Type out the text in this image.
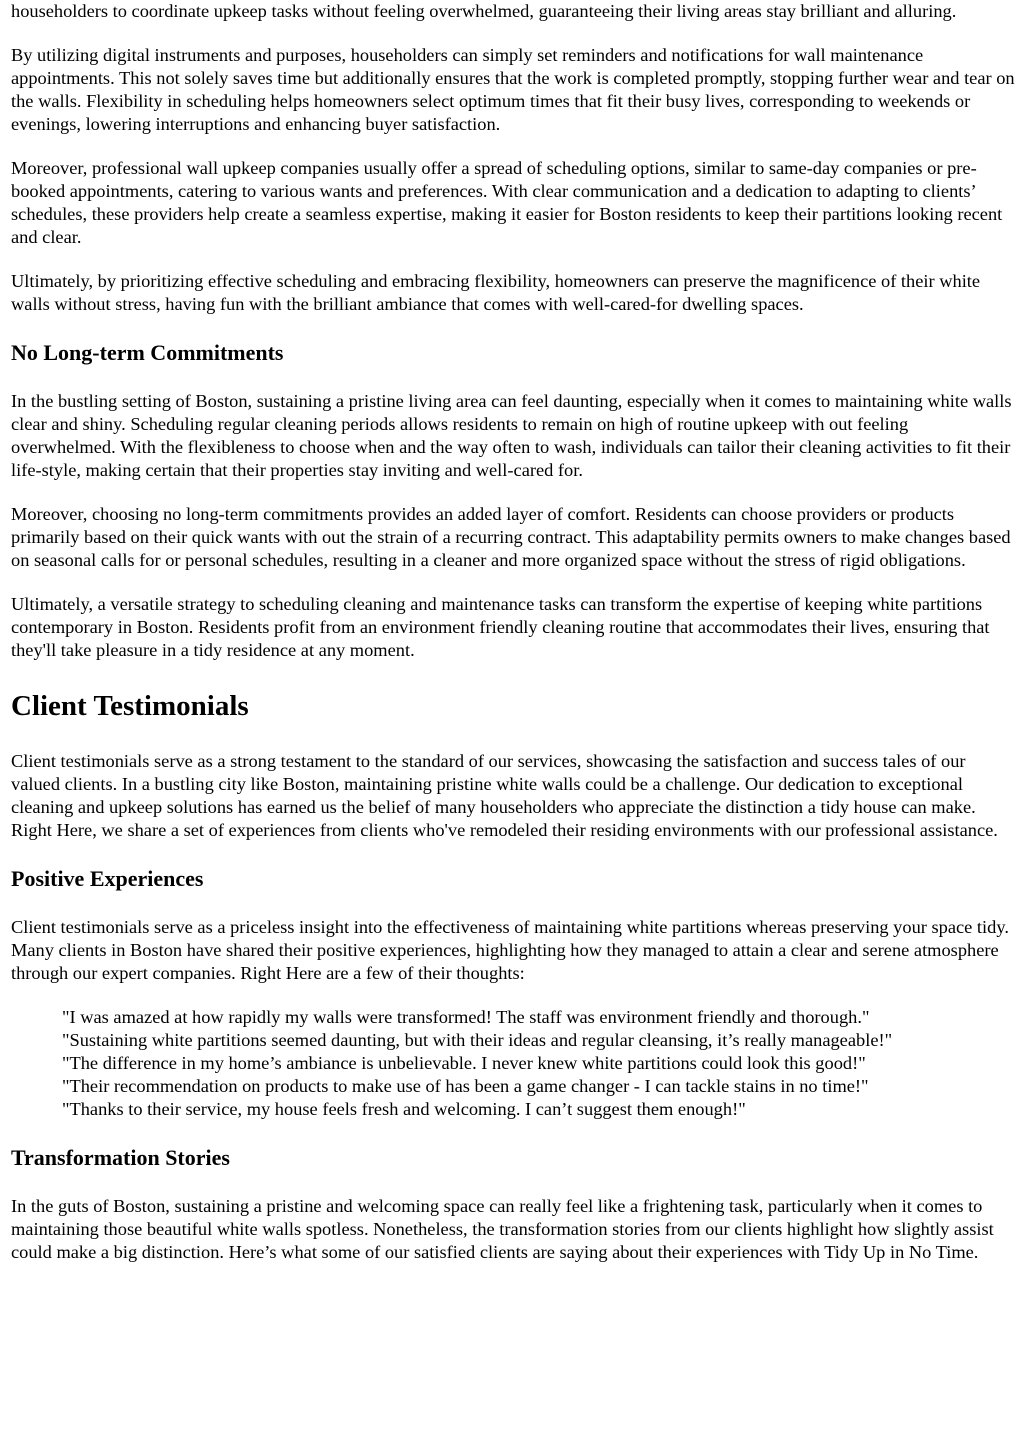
householders to coordinate upkeep tasks without feeling overwhelmed, guaranteeing their living areas stay brilliant and alluring.

By utilizing digital instruments and purposes, householders can simply set reminders and notifications for wall maintenance appointments. This not solely saves time but additionally ensures that the work is completed promptly, stopping further wear and tear on the walls. Flexibility in scheduling helps homeowners select optimum times that fit their busy lives, corresponding to weekends or evenings, lowering interruptions and enhancing buyer satisfaction.

Moreover, professional wall upkeep companies usually offer a spread of scheduling options, similar to same-day companies or pre-booked appointments, catering to various wants and preferences. With clear communication and a dedication to adapting to clients’ schedules, these providers help create a seamless expertise, making it easier for Boston residents to keep their partitions looking recent and clear.

Ultimately, by prioritizing effective scheduling and embracing flexibility, homeowners can preserve the magnificence of their white walls without stress, having fun with the brilliant ambiance that comes with well-cared-for dwelling spaces.

No Long-term Commitments

In the bustling setting of Boston, sustaining a pristine living area can feel daunting, especially when it comes to maintaining white walls clear and shiny. Scheduling regular cleaning periods allows residents to remain on high of routine upkeep with out feeling overwhelmed. With the flexibleness to choose when and the way often to wash, individuals can tailor their cleaning activities to fit their life-style, making certain that their properties stay inviting and well-cared for.

Moreover, choosing no long-term commitments provides an added layer of comfort. Residents can choose providers or products primarily based on their quick wants with out the strain of a recurring contract. This adaptability permits owners to make changes based on seasonal calls for or personal schedules, resulting in a cleaner and more organized space without the stress of rigid obligations.

Ultimately, a versatile strategy to scheduling cleaning and maintenance tasks can transform the expertise of keeping white partitions contemporary in Boston. Residents profit from an environment friendly cleaning routine that accommodates their lives, ensuring that they'll take pleasure in a tidy residence at any moment.

Client Testimonials

Client testimonials serve as a strong testament to the standard of our services, showcasing the satisfaction and success tales of our valued clients. In a bustling city like Boston, maintaining pristine white walls could be a challenge. Our dedication to exceptional cleaning and upkeep solutions has earned us the belief of many householders who appreciate the distinction a tidy house can make. Right Here, we share a set of experiences from clients who've remodeled their residing environments with our professional assistance.

Positive Experiences

Client testimonials serve as a priceless insight into the effectiveness of maintaining white partitions whereas preserving your space tidy. Many clients in Boston have shared their positive experiences, highlighting how they managed to attain a clear and serene atmosphere through our expert companies. Right Here are a few of their thoughts:

"I was amazed at how rapidly my walls were transformed! The staff was environment friendly and thorough."
"Sustaining white partitions seemed daunting, but with their ideas and regular cleansing, it’s really manageable!"
"The difference in my home’s ambiance is unbelievable. I never knew white partitions could look this good!"
"Their recommendation on products to make use of has been a game changer - I can tackle stains in no time!"
"Thanks to their service, my house feels fresh and welcoming. I can’t suggest them enough!"
Transformation Stories

In the guts of Boston, sustaining a pristine and welcoming space can really feel like a frightening task, particularly when it comes to maintaining those beautiful white walls spotless. Nonetheless, the transformation stories from our clients highlight how slightly assist could make a big distinction. Here’s what some of our satisfied clients are saying about their experiences with Tidy Up in No Time.
